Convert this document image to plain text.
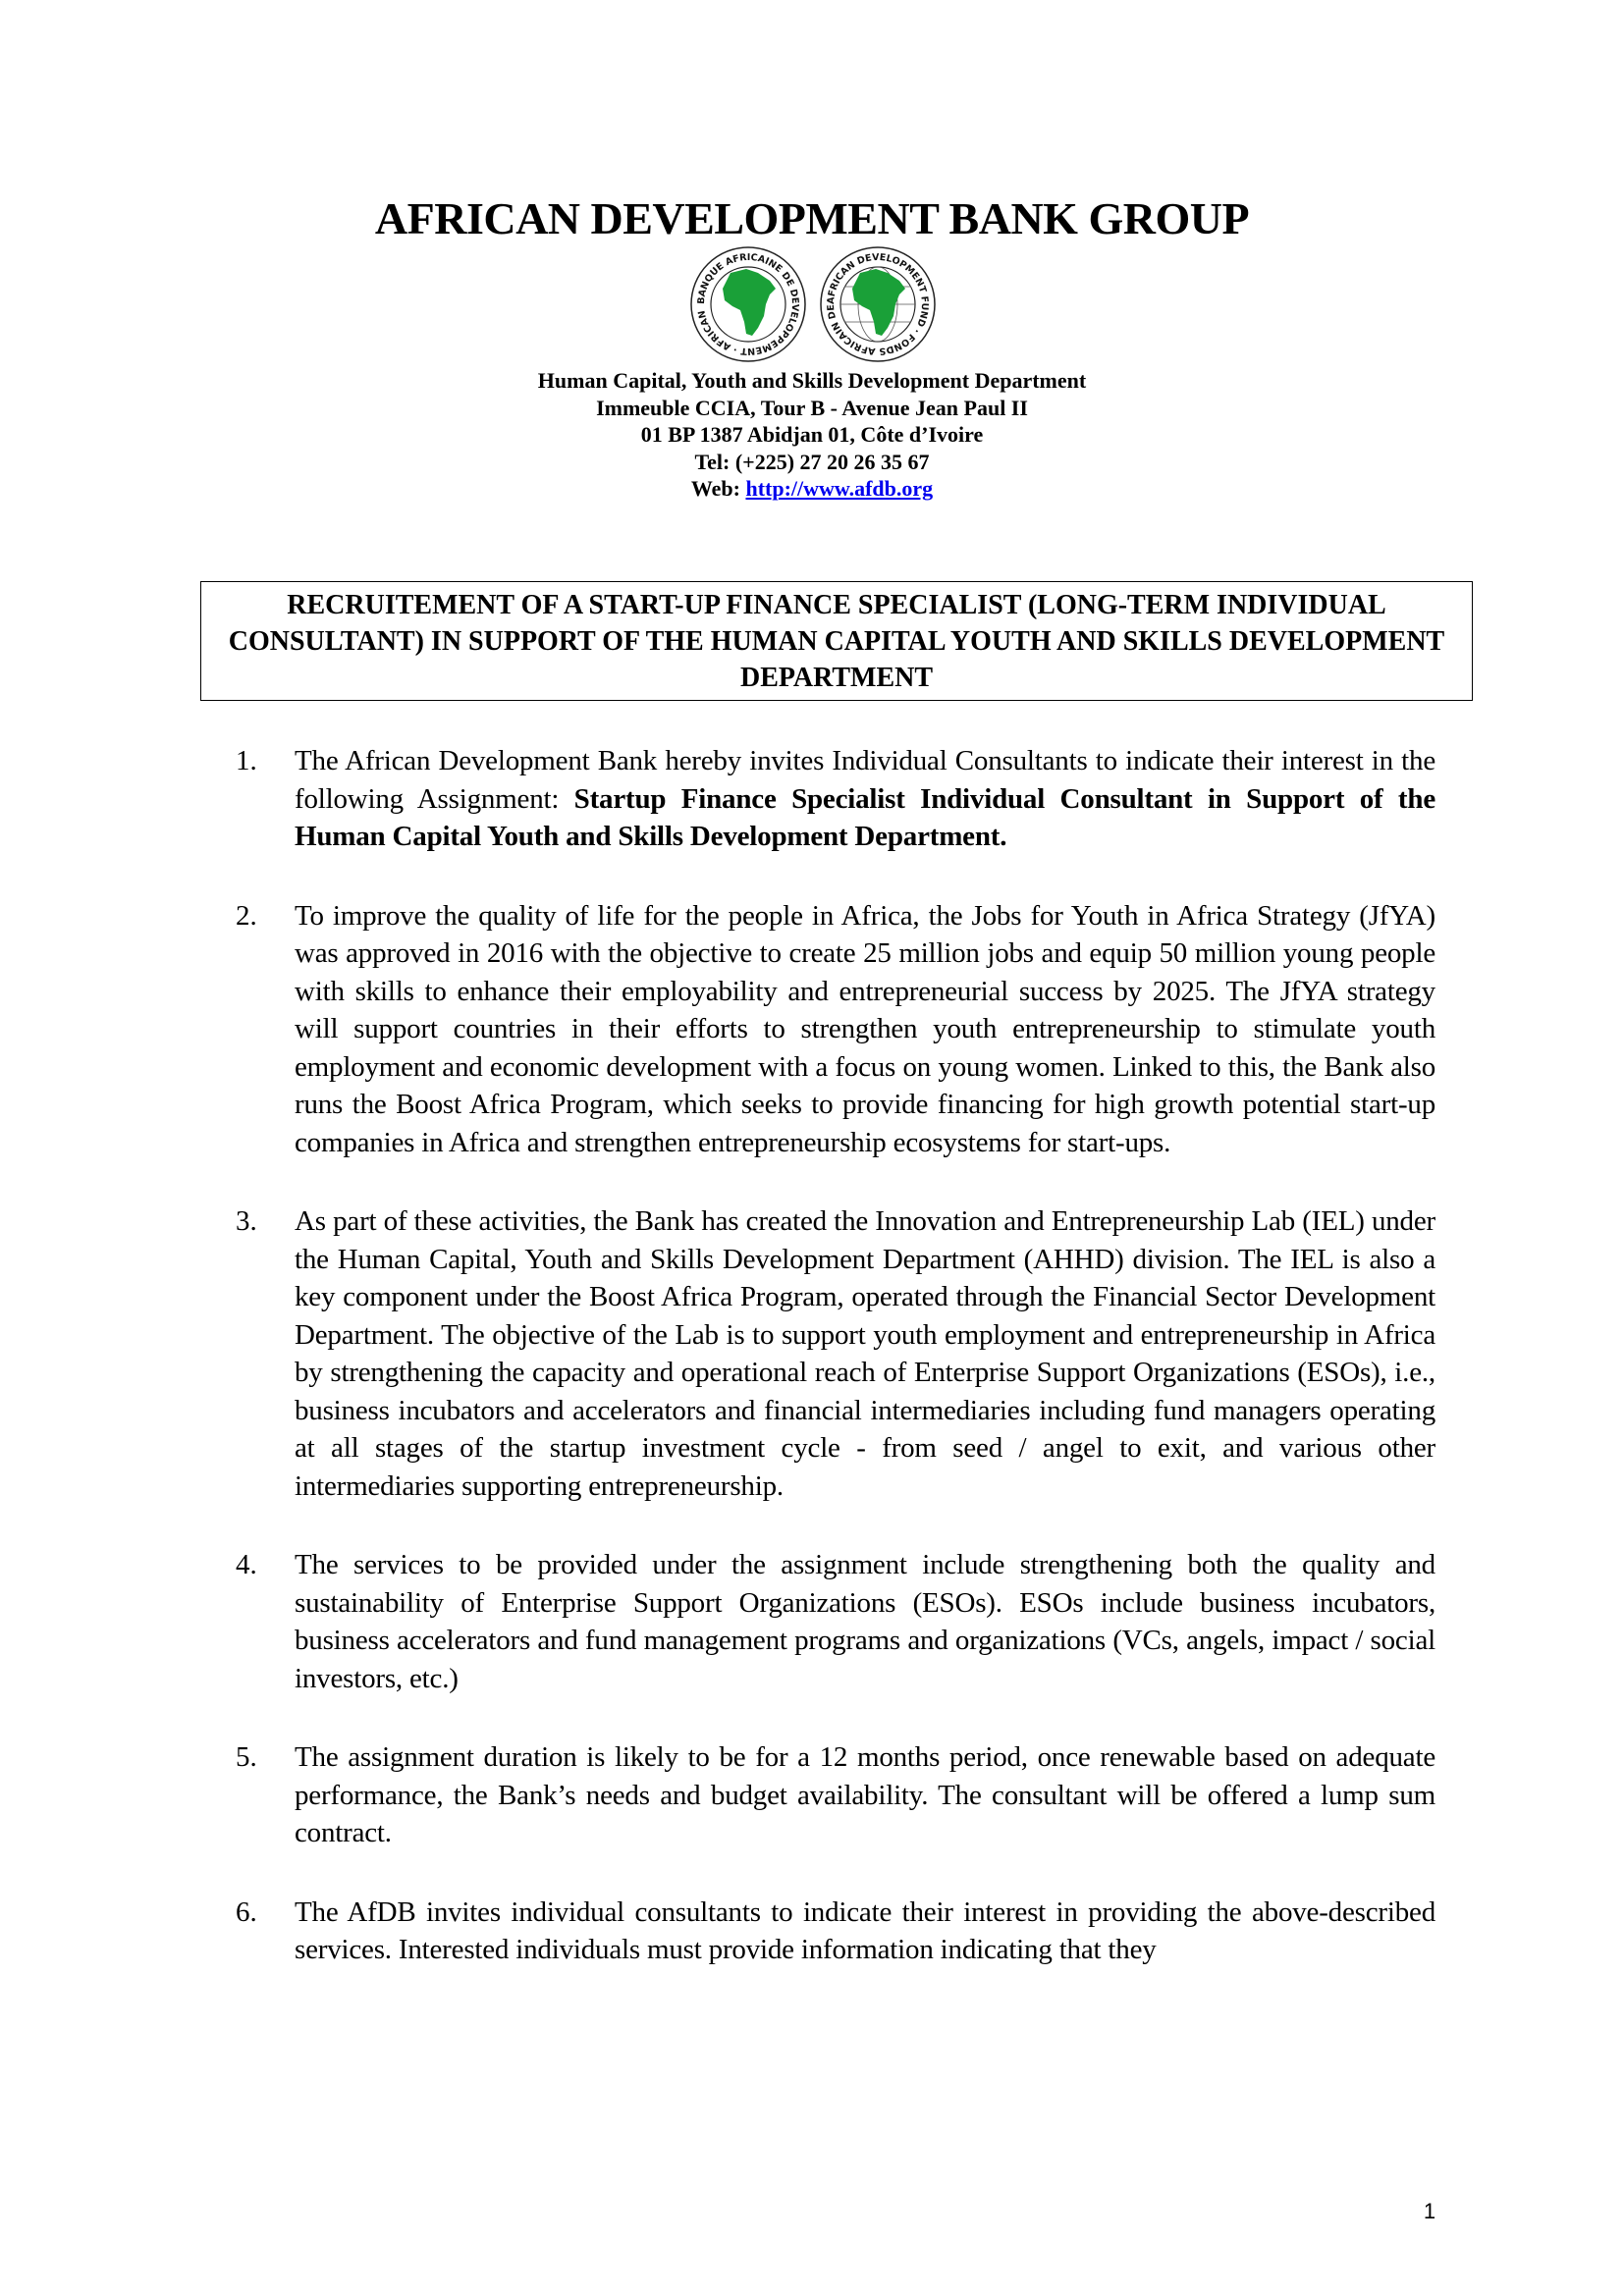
AFRICAN DEVELOPMENT BANK GROUP
BANQUE AFRICAINE DE DEVELOPPEMENT · AFRICAN
AFRICAN DEVELOPMENT FUND · FONDS AFRICAIN DE
Human Capital, Youth and Skills Development Department
Immeuble CCIA, Tour B - Avenue Jean Paul II
01 BP 1387 Abidjan 01, Côte d’Ivoire
Tel: (+225) 27 20 26 35 67
Web: http://www.afdb.org

RECRUITEMENT OF A START-UP FINANCE SPECIALIST (LONG-TERM INDIVIDUAL CONSULTANT) IN SUPPORT OF THE HUMAN CAPITAL YOUTH AND SKILLS DEVELOPMENT DEPARTMENT

1.	The African Development Bank hereby invites Individual Consultants to indicate their interest in the following Assignment: Startup Finance Specialist Individual Consultant in Support of the Human Capital Youth and Skills Development Department.

2.	To improve the quality of life for the people in Africa, the Jobs for Youth in Africa Strategy (JfYA) was approved in 2016 with the objective to create 25 million jobs and equip 50 million young people with skills to enhance their employability and entrepreneurial success by 2025. The JfYA strategy will support countries in their efforts to strengthen youth entrepreneurship to stimulate youth employment and economic development with a focus on young women. Linked to this, the Bank also runs the Boost Africa Program, which seeks to provide financing for high growth potential start-up companies in Africa and strengthen entrepreneurship ecosystems for start-ups.

3.	As part of these activities, the Bank has created the Innovation and Entrepreneurship Lab (IEL) under the Human Capital, Youth and Skills Development Department (AHHD) division. The IEL is also a key component under the Boost Africa Program, operated through the Financial Sector Development Department. The objective of the Lab is to support youth employment and entrepreneurship in Africa by strengthening the capacity and operational reach of Enterprise Support Organizations (ESOs), i.e., business incubators and accelerators and financial intermediaries including fund managers operating at all stages of the startup investment cycle - from seed / angel to exit, and various other intermediaries supporting entrepreneurship.

4.	The services to be provided under the assignment include strengthening both the quality and sustainability of Enterprise Support Organizations (ESOs). ESOs include business incubators, business accelerators and fund management programs and organizations (VCs, angels, impact / social investors, etc.)

5.	The assignment duration is likely to be for a 12 months period, once renewable based on adequate performance, the Bank’s needs and budget availability. The consultant will be offered a lump sum contract.

6.	The AfDB invites individual consultants to indicate their interest in providing the above-described services. Interested individuals must provide information indicating that they

1
